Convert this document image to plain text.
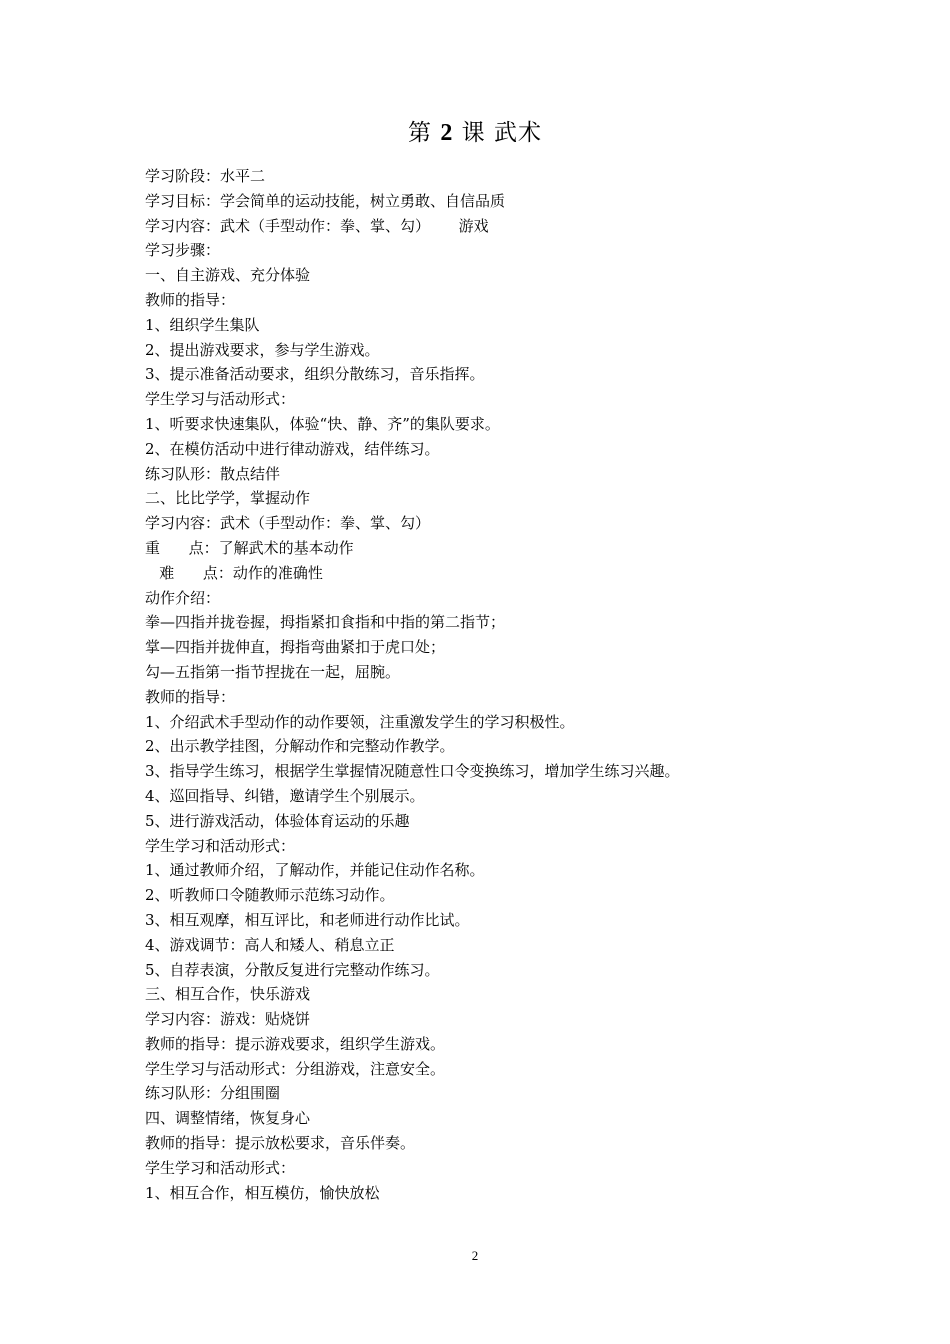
第 2 课 武术
学习阶段：水平二
学习目标：学会简单的运动技能，树立勇敢、自信品质
学习内容：武术（手型动作：拳、掌、勾）      游戏
学习步骤：
一、自主游戏、充分体验
教师的指导：
1、组织学生集队
2、提出游戏要求，参与学生游戏。
3、提示准备活动要求，组织分散练习，音乐指挥。
学生学习与活动形式：
1、听要求快速集队，体验“快、静、齐”的集队要求。
2、在模仿活动中进行律动游戏，结伴练习。
练习队形：散点结伴
二、比比学学，掌握动作
学习内容：武术（手型动作：拳、掌、勾）
重      点：了解武术的基本动作
难      点：动作的准确性
动作介绍：
拳—四指并拢卷握，拇指紧扣食指和中指的第二指节；
掌—四指并拢伸直，拇指弯曲紧扣于虎口处；
勾—五指第一指节捏拢在一起，屈腕。
教师的指导：
1、介绍武术手型动作的动作要领，注重激发学生的学习积极性。
2、出示教学挂图，分解动作和完整动作教学。
3、指导学生练习，根据学生掌握情况随意性口令变换练习，增加学生练习兴趣。
4、巡回指导、纠错，邀请学生个别展示。
5、进行游戏活动，体验体育运动的乐趣
学生学习和活动形式：
1、通过教师介绍，了解动作，并能记住动作名称。
2、听教师口令随教师示范练习动作。
3、相互观摩，相互评比，和老师进行动作比试。
4、游戏调节：高人和矮人、稍息立正
5、自荐表演，分散反复进行完整动作练习。
三、相互合作，快乐游戏
学习内容：游戏：贴烧饼
教师的指导：提示游戏要求，组织学生游戏。
学生学习与活动形式：分组游戏，注意安全。
练习队形：分组围圈
四、调整情绪，恢复身心
教师的指导：提示放松要求，音乐伴奏。
学生学习和活动形式：
1、相互合作，相互模仿，愉快放松
2
